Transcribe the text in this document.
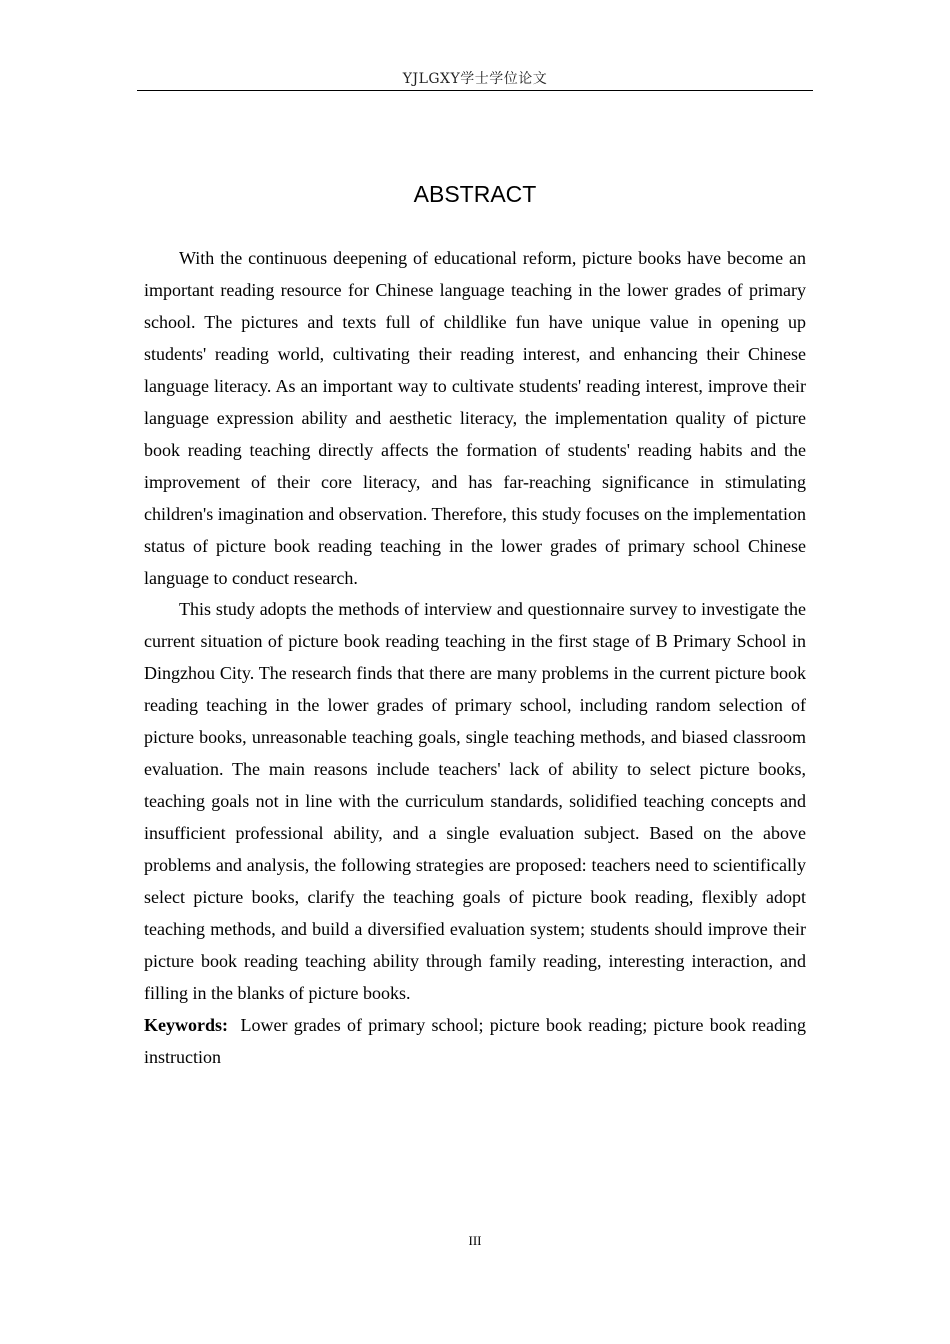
YJLGXY学士学位论文
ABSTRACT

With the continuous deepening of educational reform, picture books have become an important reading resource for Chinese language teaching in the lower grades of primary school. The pictures and texts full of childlike fun have unique value in opening up students' reading world, cultivating their reading interest, and enhancing their Chinese language literacy. As an important way to cultivate students' reading interest, improve their language expression ability and aesthetic literacy, the implementation quality of picture book reading teaching directly affects the formation of students' reading habits and the improvement of their core literacy, and has far-reaching significance in stimulating children's imagination and observation. Therefore, this study focuses on the implementation status of picture book reading teaching in the lower grades of primary school Chinese language to conduct research.

This study adopts the methods of interview and questionnaire survey to investigate the current situation of picture book reading teaching in the first stage of B Primary School in Dingzhou City. The research finds that there are many problems in the current picture book reading teaching in the lower grades of primary school, including random selection of picture books, unreasonable teaching goals, single teaching methods, and biased classroom evaluation. The main reasons include teachers' lack of ability to select picture books, teaching goals not in line with the curriculum standards, solidified teaching concepts and insufficient professional ability, and a single evaluation subject. Based on the above problems and analysis, the following strategies are proposed: teachers need to scientifically select picture books, clarify the teaching goals of picture book reading, flexibly adopt teaching methods, and build a diversified evaluation system; students should improve their picture book reading teaching ability through family reading, interesting interaction, and filling in the blanks of picture books.

Keywords: Lower grades of primary school; picture book reading; picture book reading instruction

III
